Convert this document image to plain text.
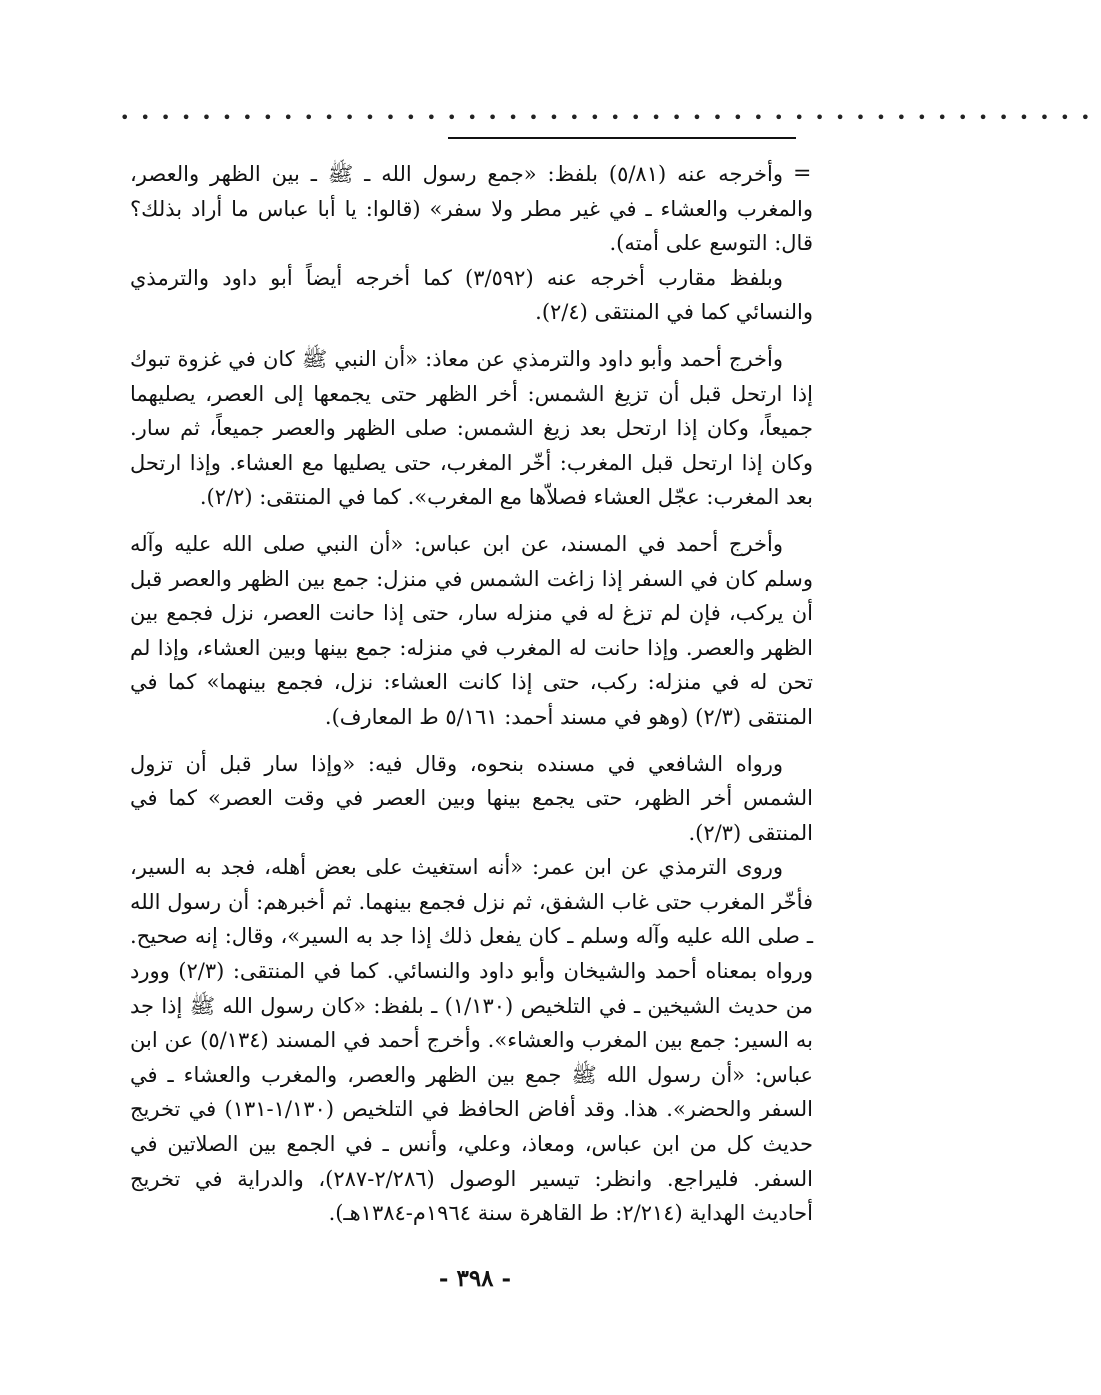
••••••••••••••••••••••••••••••••••••••••••••••••
=

وأخرجه عنه (٥/٨١) بلفظ: «جمع رسول الله ـ ﷺ ـ بين الظهر والعصر، والمغرب والعشاء ـ في غير مطر ولا سفر» (قالوا: يا أبا عباس ما أراد بذلك؟ قال: التوسع على أمته).

وبلفظ مقارب أخرجه عنه (٣/٥٩٢) كما أخرجه أيضاً أبو داود والترمذي والنسائي كما في المنتقى (٢/٤).

وأخرج أحمد وأبو داود والترمذي عن معاذ: «أن النبي ﷺ كان في غزوة تبوك إذا ارتحل قبل أن تزيغ الشمس: أخر الظهر حتى يجمعها إلى العصر، يصليهما جميعاً، وكان إذا ارتحل بعد زيغ الشمس: صلى الظهر والعصر جميعاً، ثم سار. وكان إذا ارتحل قبل المغرب: أخّر المغرب، حتى يصليها مع العشاء. وإذا ارتحل بعد المغرب: عجّل العشاء فصلاّها مع المغرب». كما في المنتقى: (٢/٢).

وأخرج أحمد في المسند، عن ابن عباس: «أن النبي صلى الله عليه وآله وسلم كان في السفر إذا زاغت الشمس في منزل: جمع بين الظهر والعصر قبل أن يركب، فإن لم تزغ له في منزله سار، حتى إذا حانت العصر، نزل فجمع بين الظهر والعصر. وإذا حانت له المغرب في منزله: جمع بينها وبين العشاء، وإذا لم تحن له في منزله: ركب، حتى إذا كانت العشاء: نزل، فجمع بينهما» كما في المنتقى (٢/٣) (وهو في مسند أحمد: ٥/١٦١ ط المعارف).

ورواه الشافعي في مسنده بنحوه، وقال فيه: «وإذا سار قبل أن تزول الشمس أخر الظهر، حتى يجمع بينها وبين العصر في وقت العصر» كما في المنتقى (٢/٣).

وروى الترمذي عن ابن عمر: «أنه استغيث على بعض أهله، فجد به السير، فأخّر المغرب حتى غاب الشفق، ثم نزل فجمع بينهما. ثم أخبرهم: أن رسول الله ـ صلى الله عليه وآله وسلم ـ كان يفعل ذلك إذا جد به السير»، وقال: إنه صحيح. ورواه بمعناه أحمد والشيخان وأبو داود والنسائي. كما في المنتقى: (٢/٣) وورد من حديث الشيخين ـ في التلخيص (١/١٣٠) ـ بلفظ: «كان رسول الله ﷺ إذا جد به السير: جمع بين المغرب والعشاء». وأخرج أحمد في المسند (٥/١٣٤) عن ابن عباس: «أن رسول الله ﷺ جمع بين الظهر والعصر، والمغرب والعشاء ـ في السفر والحضر». هذا. وقد أفاض الحافظ في التلخيص (١/١٣٠-١٣١) في تخريج حديث كل من ابن عباس، ومعاذ، وعلي، وأنس ـ في الجمع بين الصلاتين في السفر. فليراجع. وانظر: تيسير الوصول (٢/٢٨٦-٢٨٧)، والدراية في تخريج أحاديث الهداية (٢/٢١٤: ط القاهرة سنة ١٩٦٤م-١٣٨٤هـ).

- ٣٩٨ -
